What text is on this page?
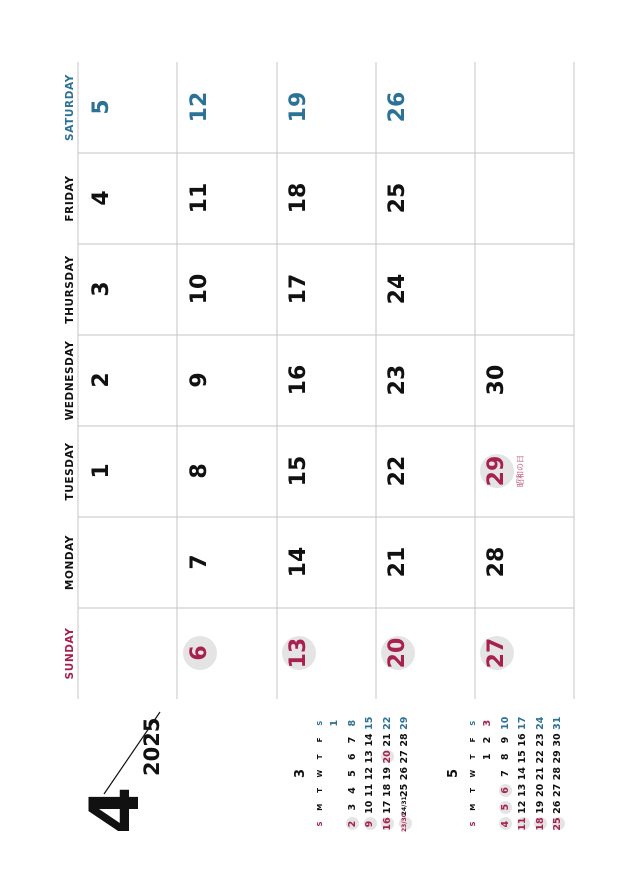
SUNDAY
MONDAY
TUESDAY
WEDNESDAY
THURSDAY
FRIDAY
SATURDAY
1
2
3
4
5
6
7
8
9
10
11
12
13
14
15
16
17
18
19
20
21
22
23
24
25
26
27
28
29
30
昭和の日
4
2025	3
S
M
T
W
T
F
S 1
2
3
4
5
6
7
8
9
10
11
12
13
14
15
16
17
18
19
20
21
22
23/30
24/31
25
26
27
28
29
5
S
M
T
W
T
F
S
1
2
3
4
5
6
7
8
9
10
11
12
13
14
15
16
17
18
19
20
21
22
23
24
25
26
27
28
29
30
31
